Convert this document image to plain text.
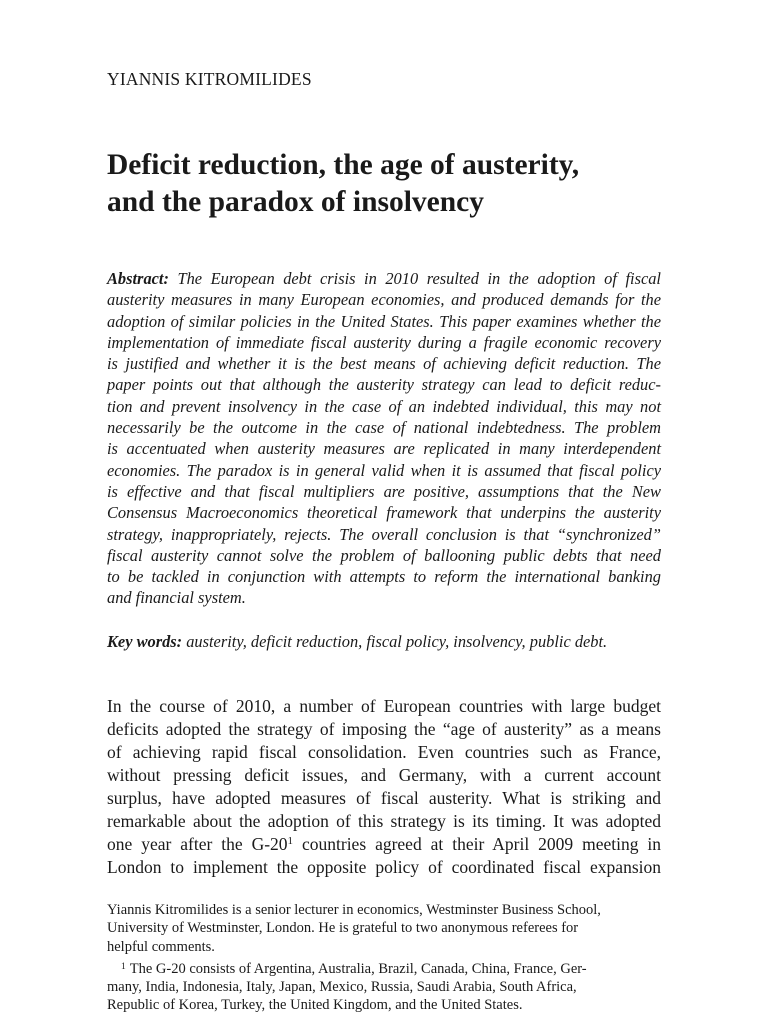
YIANNIS KITROMILIDES
Deficit reduction, the age of austerity,
and the paradox of insolvency
Abstract: The European debt crisis in 2010 resulted in the adoption of fiscal
austerity measures in many European economies, and produced demands for the
adoption of similar policies in the United States. This paper examines whether the
implementation of immediate fiscal austerity during a fragile economic recovery
is justified and whether it is the best means of achieving deficit reduction. The
paper points out that although the austerity strategy can lead to deficit reduc-
tion and prevent insolvency in the case of an indebted individual, this may not
necessarily be the outcome in the case of national indebtedness. The problem
is accentuated when austerity measures are replicated in many interdependent
economies. The paradox is in general valid when it is assumed that fiscal policy
is effective and that fiscal multipliers are positive, assumptions that the New
Consensus Macroeconomics theoretical framework that underpins the austerity
strategy, inappropriately, rejects. The overall conclusion is that “synchronized”
fiscal austerity cannot solve the problem of ballooning public debts that need
to be tackled in conjunction with attempts to reform the international banking
and financial system.
Key words: austerity, deficit reduction, fiscal policy, insolvency, public debt.
In the course of 2010, a number of European countries with large budget
deficits adopted the strategy of imposing the “age of austerity” as a means
of achieving rapid fiscal consolidation. Even countries such as France,
without pressing deficit issues, and Germany, with a current account
surplus, have adopted measures of fiscal austerity. What is striking and
remarkable about the adoption of this strategy is its timing. It was adopted
one year after the $G-20^1$ countries agreed at their April 2009 meeting in
London to implement the opposite policy of coordinated fiscal expansion

Yiannis Kitromilides is a senior lecturer in economics, Westminster Business School,
University of Westminster, London. He is grateful to two anonymous referees for
helpful comments.

$^1$ The G-20 consists of Argentina, Australia, Brazil, Canada, China, France, Ger-
many, India, Indonesia, Italy, Japan, Mexico, Russia, Saudi Arabia, South Africa,
Republic of Korea, Turkey, the United Kingdom, and the United States.
